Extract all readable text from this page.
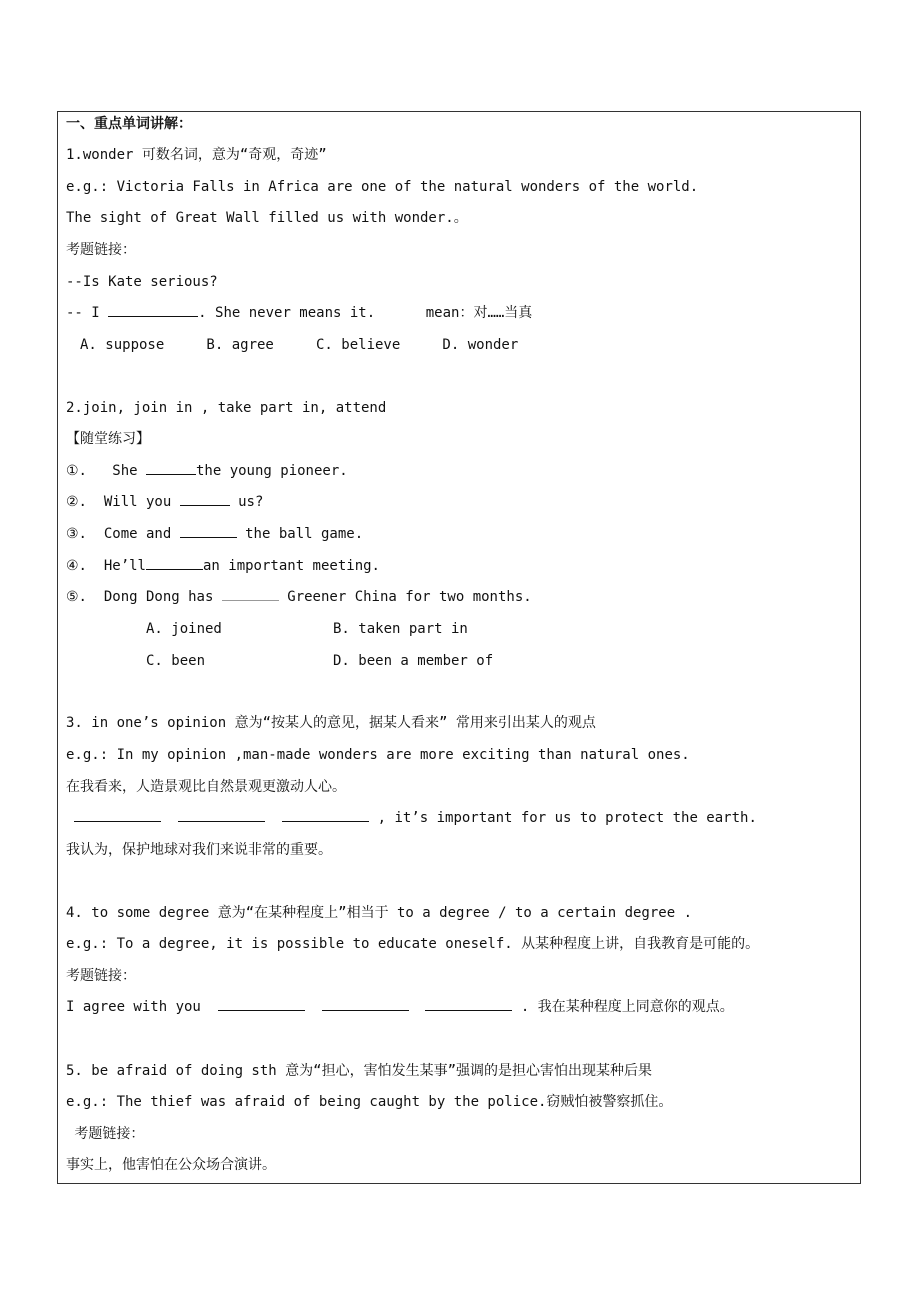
一、重点单词讲解：
1.wonder 可数名词，意为“奇观，奇迹”
e.g.: Victoria Falls in Africa are one of the natural wonders of the world.
The sight of Great Wall filled us with wonder.。
考题链接：
--Is Kate serious?
-- I	. She never means it.      mean：对……当真
A. suppose     B. agree     C. believe     D. wonder
2.join, join in , take part in, attend
【随堂练习】
①.   She	the young pioneer.
②.  Will you	us?
③.  Come and	the ball game.
④.  He’ll	an important meeting.
⑤.  Dong Dong has	Greener China for two months.
A. joined	B. taken part in
C. been	D. been a member of
3. in one’s opinion 意为“按某人的意见，据某人看来” 常用来引出某人的观点
e.g.: In my opinion ,man-made wonders are more exciting than natural ones.
在我看来，人造景观比自然景观更激动人心。
, it’s important for us to protect the earth.
我认为，保护地球对我们来说非常的重要。
4. to some degree 意为“在某种程度上”相当于 to a degree / to a certain degree .
e.g.: To a degree, it is possible to educate oneself. 从某种程度上讲，自我教育是可能的。
考题链接：
I agree with you	. 我在某种程度上同意你的观点。
5. be afraid of doing sth 意为“担心，害怕发生某事”强调的是担心害怕出现某种后果
e.g.: The thief was afraid of being caught by the police.窃贼怕被警察抓住。
考题链接：
事实上，他害怕在公众场合演讲。
